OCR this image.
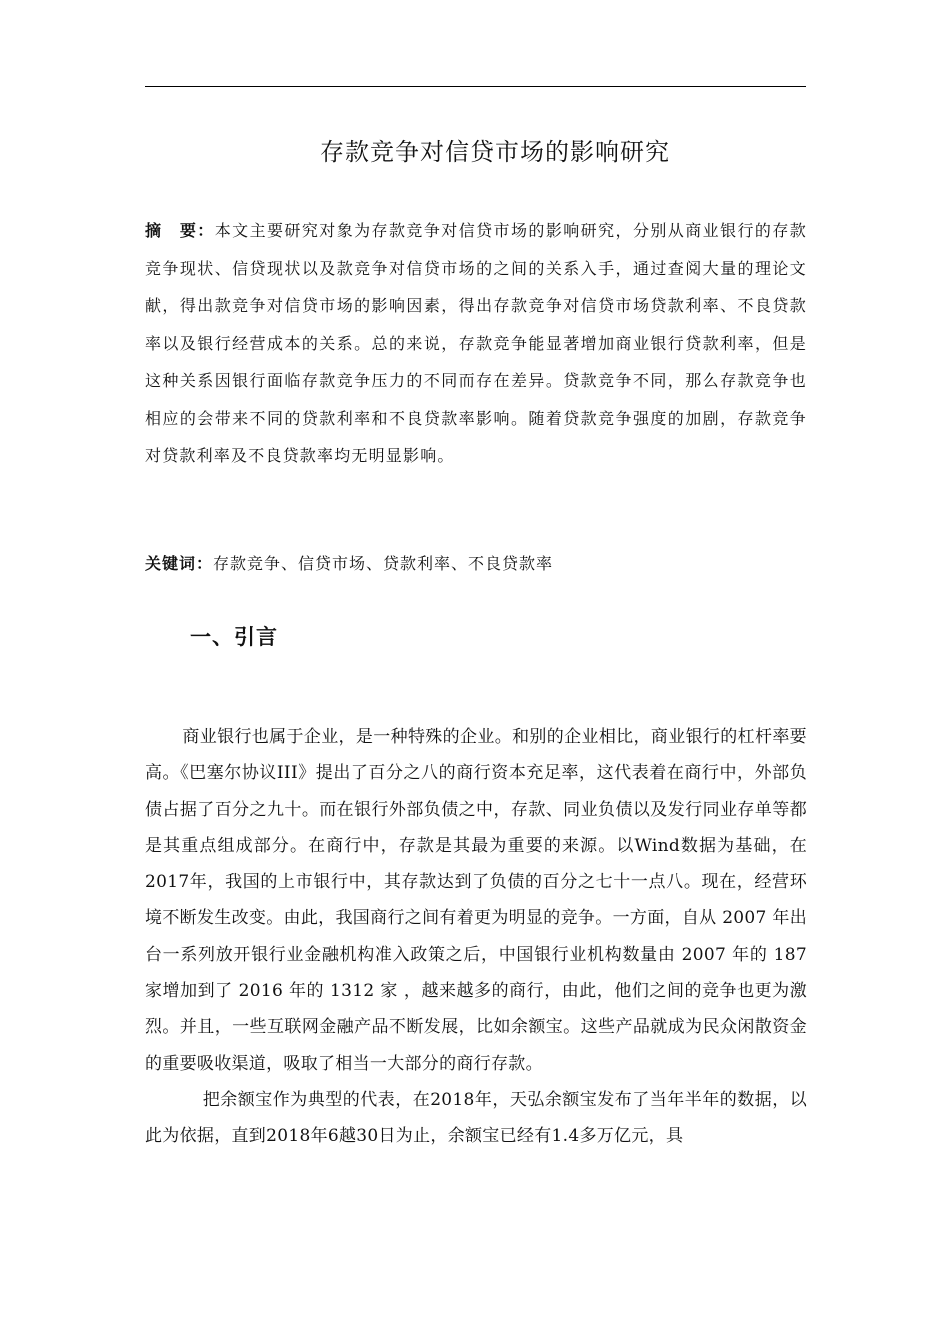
存款竞争对信贷市场的影响研究
摘　要：本文主要研究对象为存款竞争对信贷市场的影响研究，分别从商业银行的存款竞争现状、信贷现状以及款竞争对信贷市场的之间的关系入手，通过查阅大量的理论文献，得出款竞争对信贷市场的影响因素，得出存款竞争对信贷市场贷款利率、不良贷款率以及银行经营成本的关系。总的来说，存款竞争能显著增加商业银行贷款利率，但是这种关系因银行面临存款竞争压力的不同而存在差异。贷款竞争不同，那么存款竞争也相应的会带来不同的贷款利率和不良贷款率影响。随着贷款竞争强度的加剧，存款竞争对贷款利率及不良贷款率均无明显影响。
关键词：存款竞争、信贷市场、贷款利率、不良贷款率
一、引言

商业银行也属于企业，是一种特殊的企业。和别的企业相比，商业银行的杠杆率要高。《巴塞尔协议III》提出了百分之八的商行资本充足率，这代表着在商行中，外部负债占据了百分之九十。而在银行外部负债之中，存款、同业负债以及发行同业存单等都是其重点组成部分。在商行中，存款是其最为重要的来源。以Wind数据为基础，在2017年，我国的上市银行中，其存款达到了负债的百分之七十一点八。现在，经营环境不断发生改变。由此，我国商行之间有着更为明显的竞争。一方面，自从 2007 年出台一系列放开银行业金融机构准入政策之后，中国银行业机构数量由 2007 年的 187 家增加到了 2016 年的 1312 家 ，越来越多的商行，由此，他们之间的竞争也更为激烈。并且，一些互联网金融产品不断发展，比如余额宝。这些产品就成为民众闲散资金的重要吸收渠道，吸取了相当一大部分的商行存款。

把余额宝作为典型的代表，在2018年，天弘余额宝发布了当年半年的数据，以此为依据，直到2018年6越30日为止，余额宝已经有1.4多万亿元，具
